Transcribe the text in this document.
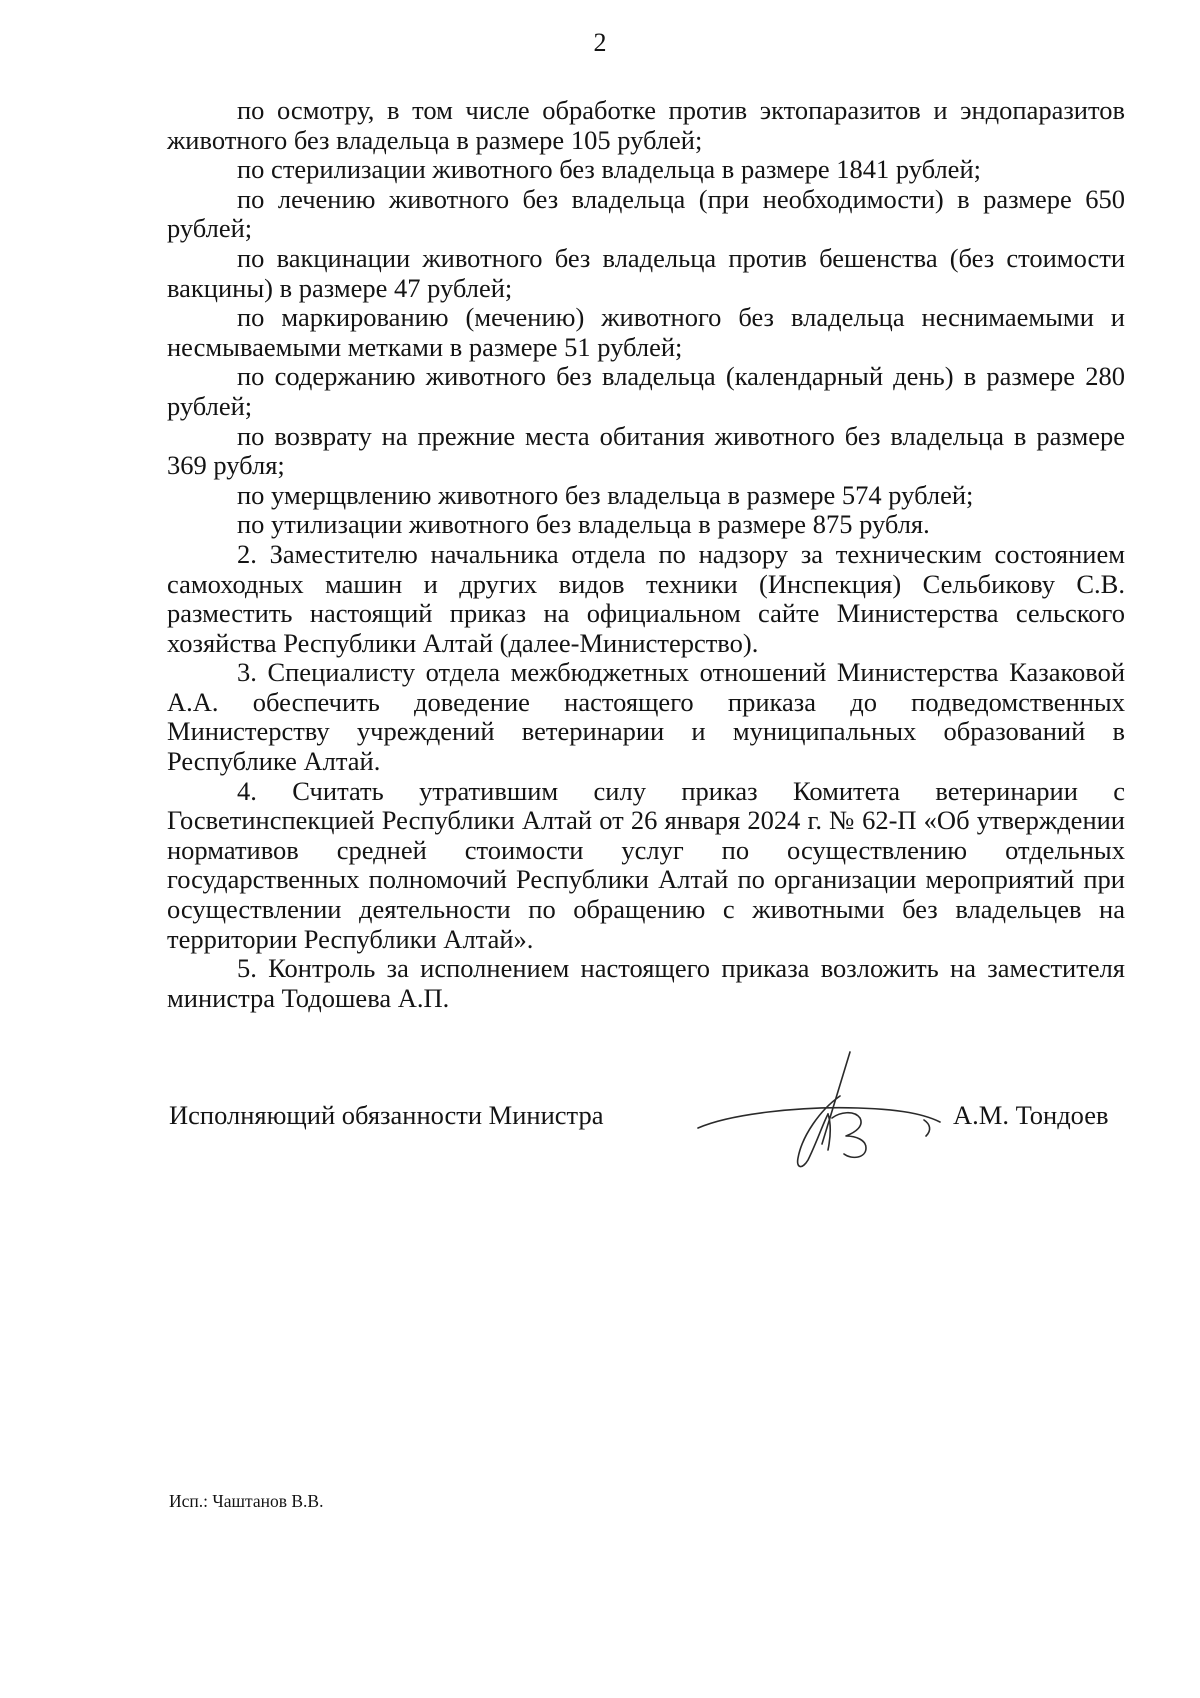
2

по осмотру, в том числе обработке против эктопаразитов и эндопаразитов животного без владельца в размере 105 рублей;

по стерилизации животного без владельца в размере 1841 рублей;

по лечению животного без владельца (при необходимости) в размере 650 рублей;

по вакцинации животного без владельца против бешенства (без стоимости вакцины) в размере 47 рублей;

по маркированию (мечению) животного без владельца неснимаемыми и несмываемыми метками в размере 51 рублей;

по содержанию животного без владельца (календарный день) в размере 280 рублей;

по возврату на прежние места обитания животного без владельца в размере 369 рубля;

по умерщвлению животного без владельца в размере 574 рублей;

по утилизации животного без владельца в размере 875 рубля.

2. Заместителю начальника отдела по надзору за техническим состоянием самоходных машин и других видов техники (Инспекция) Сельбикову С.В. разместить настоящий приказ на официальном сайте Министерства сельского хозяйства Республики Алтай (далее-Министерство).

3. Специалисту отдела межбюджетных отношений Министерства Казаковой А.А. обеспечить доведение настоящего приказа до подведомственных Министерству учреждений ветеринарии и муниципальных образований в Республике Алтай.

4. Считать утратившим силу приказ Комитета ветеринарии с Госветинспекцией Республики Алтай от 26 января 2024 г. № 62-П «Об утверждении нормативов средней стоимости услуг по осуществлению отдельных государственных полномочий Республики Алтай по организации мероприятий при осуществлении деятельности по обращению с животными без владельцев на территории Республики Алтай».

5. Контроль за исполнением настоящего приказа возложить на заместителя министра Тодошева А.П.

Исполняющий обязанности Министра	А.М. Тондоев
Исп.: Чаштанов В.В.
